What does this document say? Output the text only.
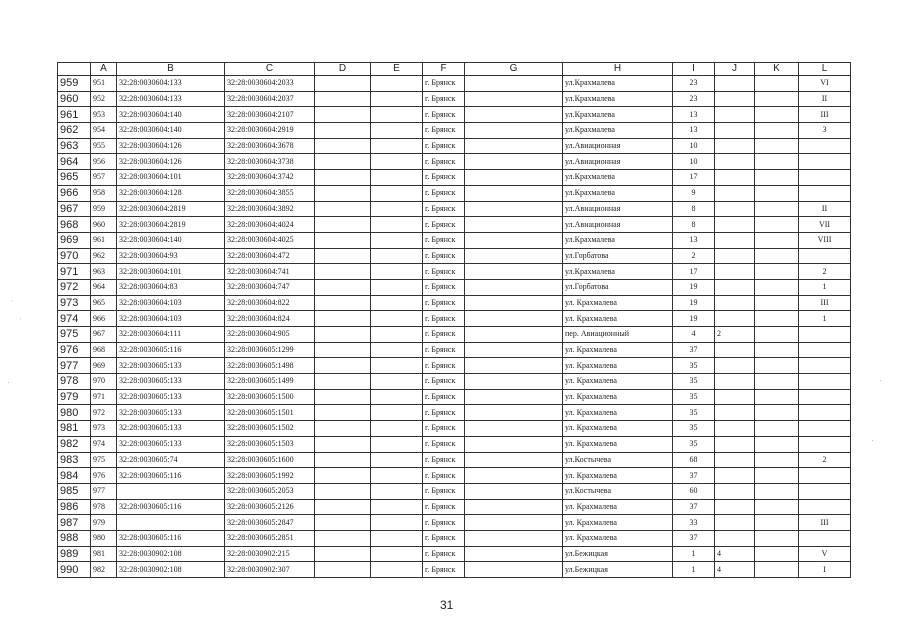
	A	B	C	D	E	F	G	H	I	J	K	L
959	951	32:28:0030604:133	32:28:0030604:2033			г. Брянск		ул.Крахмалева	23			VI
960	952	32:28:0030604:133	32:28:0030604:2037			г. Брянск		ул.Крахмалева	23			II
961	953	32:28:0030604:140	32:28:0030604:2107			г. Брянск		ул.Крахмалева	13			III
962	954	32:28:0030604:140	32:28:0030604:2919			г. Брянск		ул.Крахмалева	13			3
963	955	32:28:0030604:126	32:28:0030604:3678			г. Брянск		ул.Авиационная	10			
964	956	32:28:0030604:126	32:28:0030604:3738			г. Брянск		ул.Авиационная	10			
965	957	32:28:0030604:101	32:28:0030604:3742			г. Брянск		ул.Крахмалева	17			
966	958	32:28:0030604:128	32:28:0030604:3855			г. Брянск		ул.Крахмалева	9			
967	959	32:28:0030604:2819	32:28:0030604:3892			г. Брянск		ул.Авиационная	8			II
968	960	32:28:0030604:2819	32:28:0030604:4024			г. Брянск		ул.Авиационная	8			VII
969	961	32:28:0030604:140	32:28:0030604:4025			г. Брянск		ул.Крахмалева	13			VIII
970	962	32:28:0030604:93	32:28:0030604:472			г. Брянск		ул.Горбатова	2			
971	963	32:28:0030604:101	32:28:0030604:741			г. Брянск		ул.Крахмалева	17			2
972	964	32:28:0030604:83	32:28:0030604:747			г. Брянск		ул.Горбатова	19			1
973	965	32:28:0030604:103	32:28:0030604:822			г. Брянск		ул. Крахмалева	19			III
974	966	32:28:0030604:103	32:28:0030604:824			г. Брянск		ул. Крахмалева	19			1
975	967	32:28:0030604:111	32:28:0030604:905			г. Брянск		пер. Авиационный	4	2		
976	968	32:28:0030605:116	32:28:0030605:1299			г. Брянск		ул. Крахмалева	37			
977	969	32:28:0030605:133	32:28:0030605:1498			г. Брянск		ул. Крахмалева	35			
978	970	32:28:0030605:133	32:28:0030605:1499			г. Брянск		ул. Крахмалева	35			
979	971	32:28:0030605:133	32:28:0030605:1500			г. Брянск		ул. Крахмалева	35			
980	972	32:28:0030605:133	32:28:0030605:1501			г. Брянск		ул. Крахмалева	35			
981	973	32:28:0030605:133	32:28:0030605:1502			г. Брянск		ул. Крахмалева	35			
982	974	32:28:0030605:133	32:28:0030605:1503			г. Брянск		ул. Крахмалева	35			
983	975	32:28:0030605:74	32:28:0030605:1600			г. Брянск		ул.Костычева	68			2
984	976	32:28:0030605:116	32:28:0030605:1992			г. Брянск		ул. Крахмалева	37			
985	977		32:28:0030605:2053			г. Брянск		ул.Костычева	60			
986	978	32:28:0030605:116	32:28:0030605:2126			г. Брянск		ул. Крахмалева	37			
987	979		32:28:0030605:2847			г. Брянск		ул. Крахмалева	33			III
988	980	32:28:0030605:116	32:28:0030605:2851			г. Брянск		ул. Крахмалева	37			
989	981	32:28:0030902:108	32:28:0030902:215			г. Брянск		ул.Бежицкая	1	4		V
990	982	32:28:0030902:108	32:28:0030902:307			г. Брянск		ул.Бежицкая	1	4		I
31
